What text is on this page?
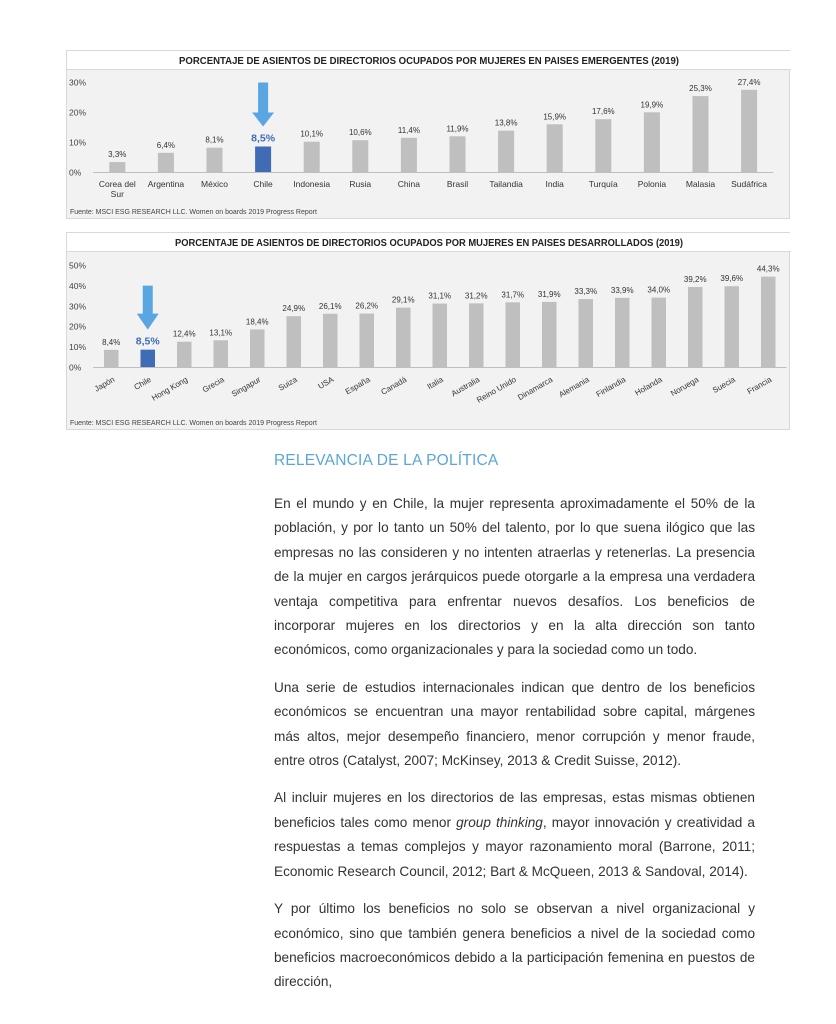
PORCENTAJE DE ASIENTOS DE DIRECTORIOS OCUPADOS POR MUJERES EN PAISES EMERGENTES (2019)
30%
20%
10%
0%
3,3%
Corea del Sur
6,4%
Argentina
8,1%
México
8,5%
Chile
10,1%
Indonesia
10,6%
Rusia
11,4%
China
11,9%
Brasil
13,8%
Tailandia
15,9%
India
17,6%
Turquía
19,9%
Polonia
25,3%
Malasia
27,4%
Sudáfrica
Fuente: MSCI ESG RESEARCH LLC. Women on boards 2019 Progress Report
PORCENTAJE DE ASIENTOS DE DIRECTORIOS OCUPADOS POR MUJERES EN PAISES DESARROLLADOS (2019)
50%
40%
30%
20%
10%
0%
8,4%
Japón
8,5%
Chile
12,4%
Hong Kong
13,1%
Grecia
18,4%
Singapur
24,9%
Suiza
26,1%
USA
26,2%
España
29,1%
Canadá
31,1%
Italia
31,2%
Australia
31,7%
Reino Unido
31,9%
Dinamarca
33,3%
Alemania
33,9%
Finlandia
34,0%
Holanda
39,2%
Noruega
39,6%
Suecia
44,3%
Francia
Fuente: MSCI ESG RESEARCH LLC. Women on boards 2019 Progress Report
RELEVANCIA DE LA POLÍTICA

En el mundo y en Chile, la mujer representa aproximadamente el 50% de la población, y por lo tanto un 50% del talento, por lo que suena ilógico que las empresas no las consideren y no intenten atraerlas y retenerlas. La presencia de la mujer en cargos jerárquicos puede otorgarle a la empresa una verdadera ventaja competitiva para enfrentar nuevos desafíos. Los beneficios de incorporar mujeres en los directorios y en la alta dirección son tanto económicos, como organizacionales y para la sociedad como un todo.

Una serie de estudios internacionales indican que dentro de los beneficios económicos se encuentran una mayor rentabilidad sobre capital, márgenes más altos, mejor desempeño financiero, menor corrupción y menor fraude, entre otros (Catalyst, 2007; McKinsey, 2013 & Credit Suisse, 2012).

Al incluir mujeres en los directorios de las empresas, estas mismas obtienen beneficios tales como menor group thinking, mayor innovación y creatividad a respuestas a temas complejos y mayor razonamiento moral (Barrone, 2011; Economic Research Council, 2012; Bart & McQueen, 2013 & Sandoval, 2014).

Y por último los beneficios no solo se observan a nivel organizacional y económico, sino que también genera beneficios a nivel de la sociedad como beneficios macroeconómicos debido a la participación femenina en puestos de dirección,
